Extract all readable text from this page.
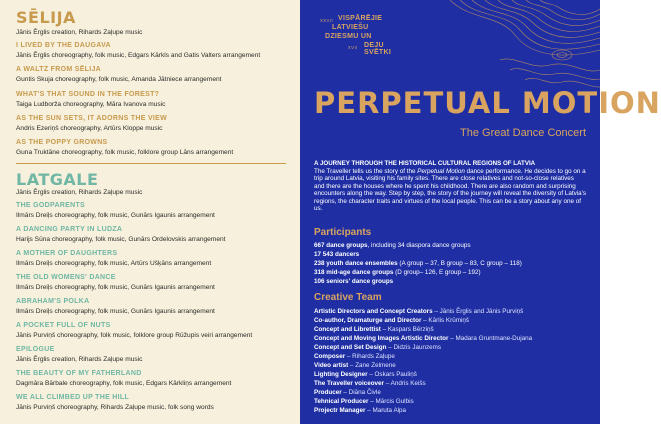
SĒLIJA
Jānis Ērglis creation, Rihards Zaļupe music
I LIVED BY THE DAUGAVA
Jānis Ērglis choreography, folk music, Edgars Kārkls and Gatis Valters arrangement
A WALTZ FROM SĒLIJA
Guntis Skuja choreography, folk music, Amanda Jātniece arrangement
WHAT'S THAT SOUND IN THE FOREST?
Taiga Ludborža choreography, Māra Ivanova music
AS THE SUN SETS, IT ADORNS THE VIEW
Andris Ezeriņš choreography, Artūrs Kloppe music
AS THE POPPY GROWNS
Guna Truktāne choreography, folk music, folklore group Lāns arrangement
LATGALE
Jānis Ērglis creation, Rihards Zaļupe music
THE GODPARENTS
Ilmārs Dreiļs choreography, folk music, Gunārs Igaunis arrangement
A DANCING PARTY IN LUDZA
Harijs Sūna choreography, folk music, Gunārs Ordelovskis arrangement
A MOTHER OF DAUGHTERS
Ilmārs Dreiļs choreography, folk music, Artūrs Ušķāns arrangement
THE OLD WOMENS' DANCE
Ilmārs Dreiļs choreography, folk music, Gunārs Igaunis arrangement
ABRAHAM'S POLKA
Ilmārs Dreiļs choreography, folk music, Gunārs Igaunis arrangement
A POCKET FULL OF NUTS
Jānis Purviņš choreography, folk music, folklore group Rūžupis veiri arrangement
EPILOGUE
Jānis Ērglis creation, Rihards Zaļupe music
THE BEAUTY OF MY FATHERLAND
Dagmāra Bārbale choreography, folk music, Edgars Kārkliņs arrangement
WE ALL CLIMBED UP THE HILL
Jānis Purviņš choreography, Rihards Zaļupe music, folk song words
XXVII VISPĀRĒJIE
LATVIEŠU
DZIESMU UN
XVII DEJU SVĒTKI
PERPETUAL MOTION
The Great Dance Concert
A JOURNEY THROUGH THE HISTORICAL CULTURAL REGIONS OF LATVIA
The Traveller tells us the story of the Perpetual Motion dance performance. He decides to go on a trip around Latvia, visiting his family sites. There are close relatives and not-so-close relatives and there are the houses where he spent his childhood. There are also random and surprising encounters along the way. Step by step, the story of the journey will reveal the diversity of Latvia's regions, the character traits and virtues of the local people. This can be a story about any one of us.
Participants
667 dance groups, including 34 diaspora dance groups
17 543 dancers
238 youth dance ensembles (A group – 37, B group – 83, C group – 118)
318 mid-age dance groups (D group– 126, E group – 192)
106 seniors' dance groups
Creative Team
Artistic Directors and Concept Creators – Jānis Ērglis and Jānis Purviņš
Co-author, Dramaturge and Director – Kārlis Krūmiņš
Concept and Librettist – Kaspars Bērziņš
Concept and Moving Images Artistic Director – Madara Gruntmane-Dujana
Concept and Set Design – Didzis Jaunzems
Composer – Rihards Zaļupe
Video artist – Zane Zelmene
Lighting Designer – Oskars Pauliņš
The Traveller voiceover – Andris Keišs
Producer – Diāna Čivle
Tehnical Producer – Mārcis Gulbis
Projectr Manager – Maruta Alpa
